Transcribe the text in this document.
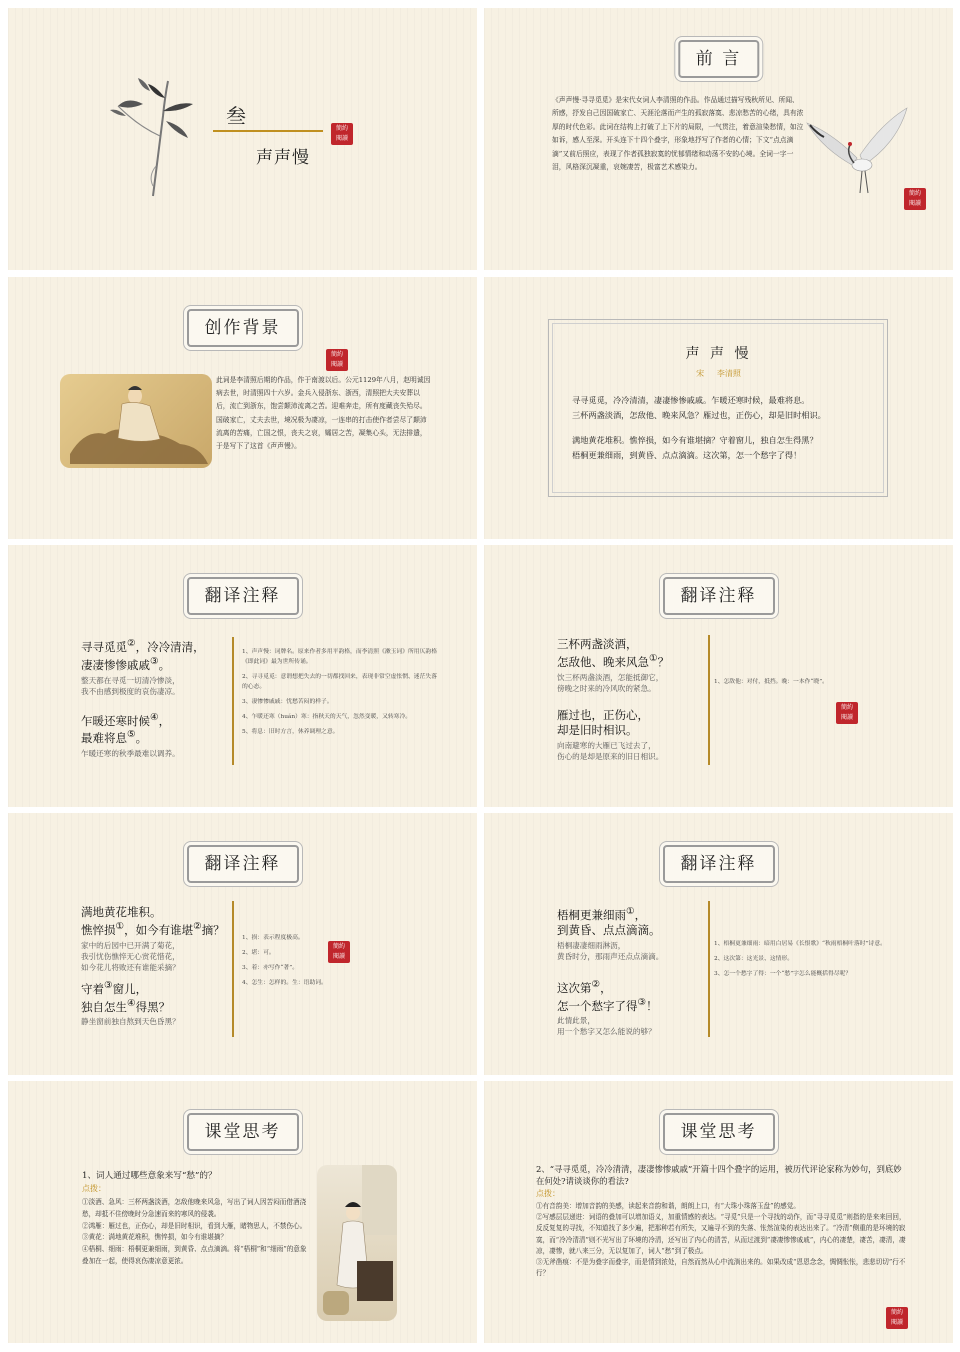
叁
声声慢
簡約
閱讀
前 言
《声声慢·寻寻觅觅》是宋代女词人李清照的作品。作品通过描写残秋所见、所闻、所感，抒发自己因国破家亡、天涯沦落而产生的孤寂落寞、悲凉愁苦的心绪，具有浓厚的时代色彩。此词在结构上打破了上下片的局限，一气贯注，着意渲染愁情，如泣如诉，感人至深。开头连下十四个叠字，形象地抒写了作者的心情；下文“点点滴滴”又前后照应，表现了作者孤独寂寞的忧郁情绪和动荡不安的心境。全词一字一泪，风格深沉凝重，哀婉凄苦，极富艺术感染力。
簡約
閱讀
创作背景
簡約
閱讀
此词是李清照后期的作品，作于南渡以后。公元1129年八月，赵明诚因病去世，时清照四十六岁。金兵入侵浙东、浙西，清照把大夫安葬以后，流亡到浙东，饱尝颠沛流离之苦。迎难奔走，所有度藏丧失殆尽。国破家亡，丈夫去世，境况极为凄凉，一连串的打击使作者尝尽了颠沛流离的苦痛，亡国之恨，丧夫之哀，孀居之苦，凝集心头，无法排遣，于是写下了这首《声声慢》。
声 声 慢
宋 李清照
寻寻觅觅，冷冷清清，凄凄惨惨戚戚。乍暖还寒时候，最难将息。
三杯两盏淡酒，怎敌他、晚来风急？雁过也，正伤心，却是旧时相识。
满地黄花堆积。憔悴损，如今有谁堪摘？守着窗儿，独自怎生得黑？
梧桐更兼细雨，到黄昏、点点滴滴。这次第，怎一个愁字了得！
翻译注释

寻寻觅觅②，冷冷清清，

凄凄惨惨戚戚③。

整天都在寻觅一切清冷惨淡，

我不由感到极度的哀伤凄凉。

乍暖还寒时候④，

最难将息⑤。

乍暖还寒的秋季最难以调养。

1、声声慢：词牌名。原来作者多用平韵格，而李清照《漱玉词》所用仄韵格《即此词》最为世所传诵。

2、寻寻觅觅：意谓想把失去的一切都找回来，表现非常空虚怅惘、迷茫失落的心态。

3、凄惨惨戚戚：忧愁苦闷的样子。

4、乍暖还寒（huán）寒：指秋天的天气，忽然变暖，又转寒冷。

5、将息：旧时方言，休养调理之意。

翻译注释

三杯两盏淡酒，

怎敌他、晚来风急①？

饮三杯两盏淡酒，怎能抵御它，

傍晚之时来的冷风吹的紧急。

雁过也，正伤心，

却是旧时相识。

向南避寒的大雁已飞过去了，

伤心的是却是原来的旧日相识。

1、怎敌他：对付，抵挡。晚：一本作“晓”。

簡約
閱讀
翻译注释

满地黄花堆积。

憔悴损①，如今有谁堪②摘？

家中的后园中已开满了菊花，

我引忧伤憔悴无心赏花惜花，

如今花儿将败还有谁能采摘？

守着③窗儿，

独自怎生④得黑？

静坐窗前独自熬到天色昏黑？

1、损：表示程度极高。

2、堪：可。

3、着：亦写作“著”。

4、怎生：怎样的。生：语助词。

簡約
閱讀
翻译注释

梧桐更兼细雨①，

到黄昏、点点滴滴。

梧桐凄凄细雨淋沥，

黄昏时分，那雨声还点点滴滴。

这次第②，

怎一个愁字了得③！

此情此景，

用一个愁字又怎么能说的够？

1、梧桐更兼细雨：暗用白居易《长恨歌》“秋雨梧桐叶落时”诗意。

2、这次第：这光景、这情形。

3、怎一个愁字了得：一个“愁”字怎么能概括得尽呢？

课堂思考
1、词人通过哪些意象来写“愁”的？
点拨：
①淡酒、急风：三杯两盏淡酒，怎敌他晚来风急，写出了词人因苦闷而借酒浇愁，却抵不住傍晚时分急速而来的寒风的侵袭。
②鸿雁：雁过也，正伤心，却是旧时相识，看到大雁，睹物思人，不禁伤心。
③黄花：满地黄花堆积，憔悴损，如今有谁堪摘？
④梧桐、细雨：梧桐更兼细雨，到黄昏、点点滴滴。将“梧桐”和“细雨”的意象叠加在一起，使得哀伤凄凉意更浓。
课堂思考
2、“寻寻觅觅，冷冷清清，凄凄惨惨戚戚”开篇十四个叠字的运用，被历代评论家称为妙句，到底妙在何处?请谈谈你的看法?
点拨：
①有音韵美：增加音韵的美感，读起来音韵和谐，朗朗上口，有“大珠小珠落玉盘”的感觉。
②写感层层递进：词语的叠加可以增加语义，加重情感的表达。“寻觅”只是一个寻找的动作，而“寻寻觅觅”则指的是来来回回，反反复复的寻找，不知道找了多少遍，把那种若有所失，又遍寻不到的失落、怅然渲染的表达出来了。“冷清”侧重的是环境的寂寞，而“冷冷清清”则不光写出了环境的冷清，还写出了内心的清苦，从而过渡到“凄凄惨惨戚戚”，内心的凄楚，凄苦，凄清，凄凉，凄惨，就八来三分，无以复加了，词人“愁”到了极点。
③无斧凿痕：不是为叠字而叠字，而是情到浓处，自然而然从心中流淌出来的。如果改成“恩恩念念，惆惆怅怅，悲悲切切”行不行？
簡約
閱讀
